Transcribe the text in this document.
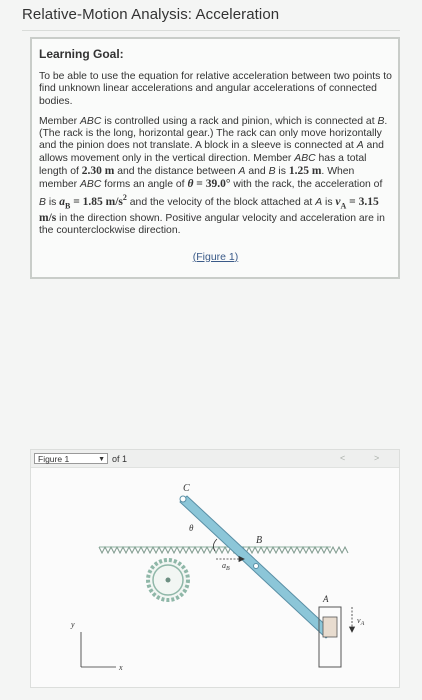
Relative-Motion Analysis: Acceleration
Learning Goal:
To be able to use the equation for relative acceleration between two points to find unknown linear accelerations and angular accelerations of connected bodies.
Member ABC is controlled using a rack and pinion, which is connected at B. (The rack is the long, horizontal gear.) The rack can only move horizontally and the pinion does not translate. A block in a sleeve is connected at A and allows movement only in the vertical direction. Member ABC has a total length of 2.30 m and the distance between A and B is 1.25 m. When member ABC forms an angle of θ = 39.0° with the rack, the acceleration of B is $a_B = 1.85$ $m/s^2$ and the velocity of the block attached at A is $v_A = 3.15$ m/s in the direction shown. Positive angular velocity and acceleration are in the counterclockwise direction.
(Figure 1)
Figure 1	▼ of 1	<	>
C
θ
B
$a_B$
A
$v_A$
y
x
